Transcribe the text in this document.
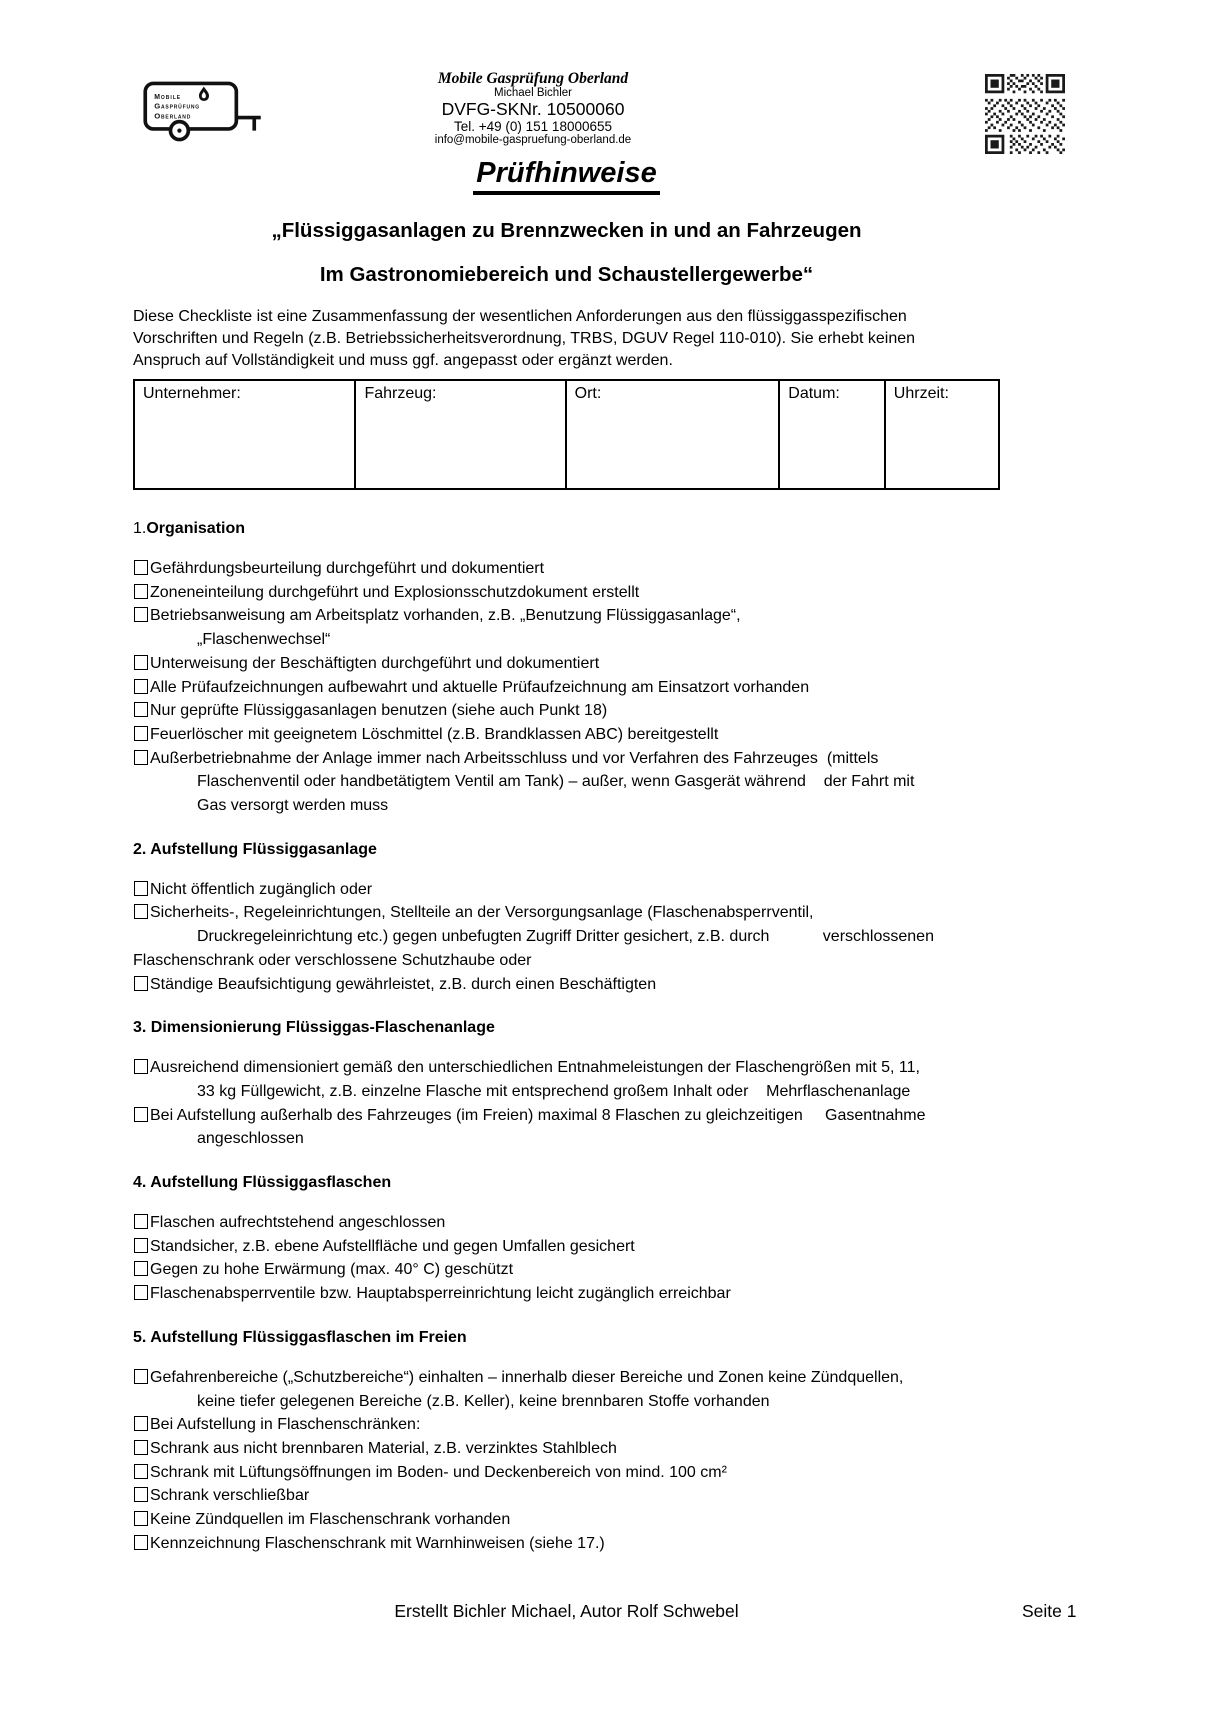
Mobile
Gasprüfung
Oberland
Mobile Gasprüfung Oberland
Michael Bichler
DVFG-SKNr. 10500060
Tel. +49 (0) 151 18000655
info@mobile-gaspruefung-oberland.de
Prüfhinweise
„Flüssiggasanlagen zu Brennzwecken in und an Fahrzeugen
Im Gastronomiebereich und Schaustellergewerbe“
Diese Checkliste ist eine Zusammenfassung der wesentlichen Anforderungen aus den flüssiggasspezifischen
Vorschriften und Regeln (z.B. Betriebssicherheitsverordnung, TRBS, DGUV Regel 110-010). Sie erhebt keinen
Anspruch auf Vollständigkeit und muss ggf. angepasst oder ergänzt werden.
Unternehmer:	Fahrzeug:	Ort:	Datum:	Uhrzeit:
1.Organisation
Gefährdungsbeurteilung durchgeführt und dokumentiert
Zoneneinteilung durchgeführt und Explosionsschutzdokument erstellt
Betriebsanweisung am Arbeitsplatz vorhanden, z.B. „Benutzung Flüssiggasanlage“,
„Flaschenwechsel“
Unterweisung der Beschäftigten durchgeführt und dokumentiert
Alle Prüfaufzeichnungen aufbewahrt und aktuelle Prüfaufzeichnung am Einsatzort vorhanden
Nur geprüfte Flüssiggasanlagen benutzen (siehe auch Punkt 18)
Feuerlöscher mit geeignetem Löschmittel (z.B. Brandklassen ABC) bereitgestellt
Außerbetriebnahme der Anlage immer nach Arbeitsschluss und vor Verfahren des Fahrzeuges  (mittels
Flaschenventil oder handbetätigtem Ventil am Tank) – außer, wenn Gasgerät während    der Fahrt mit
Gas versorgt werden muss
2. Aufstellung Flüssiggasanlage
Nicht öffentlich zugänglich oder
Sicherheits-, Regeleinrichtungen, Stellteile an der Versorgungsanlage (Flaschenabsperrventil,
Druckregeleinrichtung etc.) gegen unbefugten Zugriff Dritter gesichert, z.B. durch            verschlossenen
Flaschenschrank oder verschlossene Schutzhaube oder
Ständige Beaufsichtigung gewährleistet, z.B. durch einen Beschäftigten
3. Dimensionierung Flüssiggas-Flaschenanlage
Ausreichend dimensioniert gemäß den unterschiedlichen Entnahmeleistungen der Flaschengrößen mit 5, 11,
33 kg Füllgewicht, z.B. einzelne Flasche mit entsprechend großem Inhalt oder    Mehrflaschenanlage
Bei Aufstellung außerhalb des Fahrzeuges (im Freien) maximal 8 Flaschen zu gleichzeitigen     Gasentnahme
angeschlossen
4. Aufstellung Flüssiggasflaschen
Flaschen aufrechtstehend angeschlossen
Standsicher, z.B. ebene Aufstellfläche und gegen Umfallen gesichert
Gegen zu hohe Erwärmung (max. 40° C) geschützt
Flaschenabsperrventile bzw. Hauptabsperreinrichtung leicht zugänglich erreichbar
5. Aufstellung Flüssiggasflaschen im Freien
Gefahrenbereiche („Schutzbereiche“) einhalten – innerhalb dieser Bereiche und Zonen keine Zündquellen,
keine tiefer gelegenen Bereiche (z.B. Keller), keine brennbaren Stoffe vorhanden
Bei Aufstellung in Flaschenschränken:
Schrank aus nicht brennbaren Material, z.B. verzinktes Stahlblech
Schrank mit Lüftungsöffnungen im Boden- und Deckenbereich von mind. 100 cm²
Schrank verschließbar
Keine Zündquellen im Flaschenschrank vorhanden
Kennzeichnung Flaschenschrank mit Warnhinweisen (siehe 17.)
Erstellt Bichler Michael, Autor Rolf Schwebel	Seite 1
